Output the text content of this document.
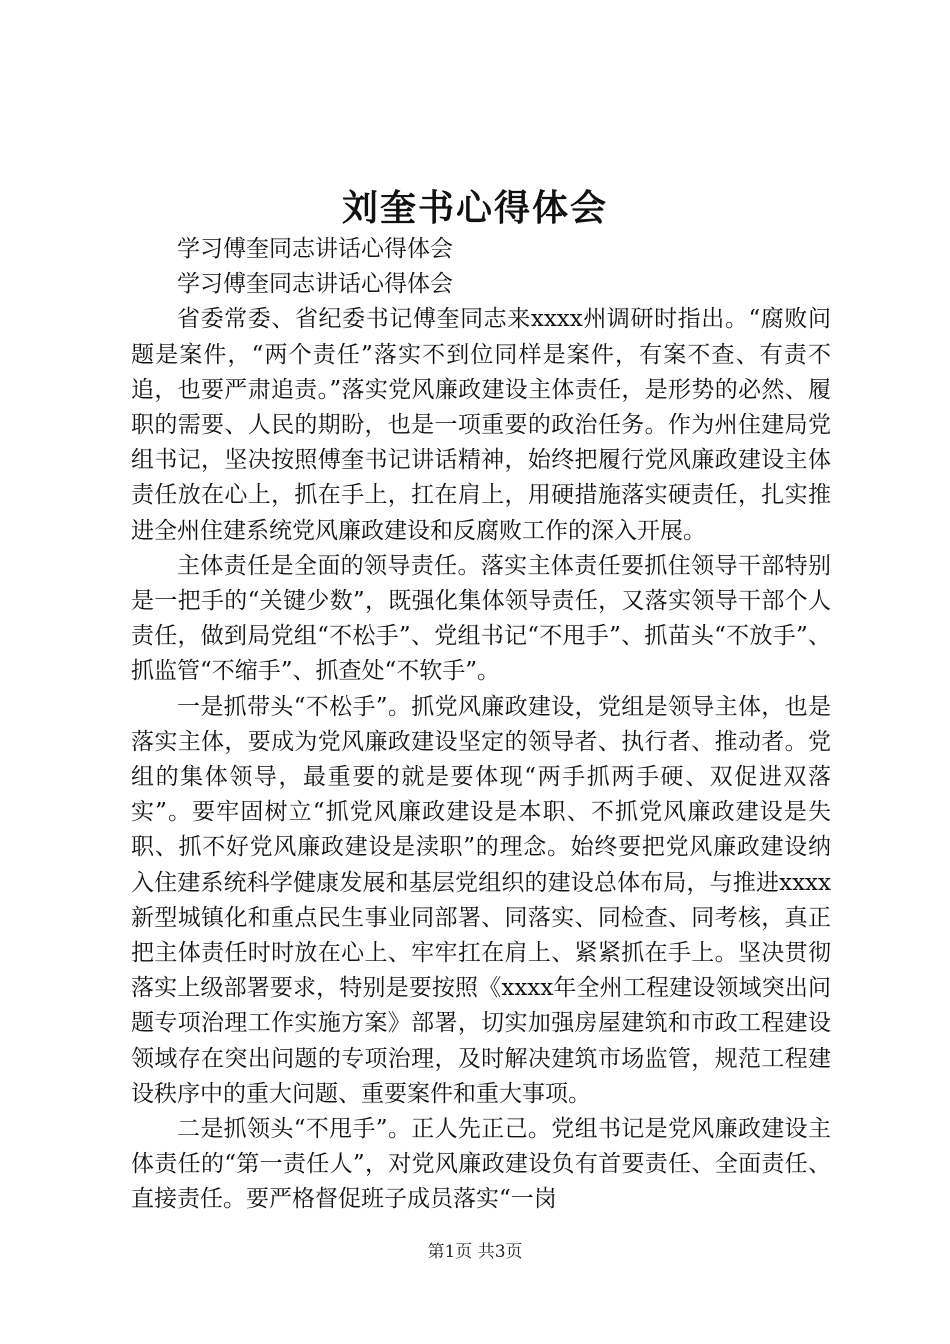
刘奎书心得体会

学习傅奎同志讲话心得体会

学习傅奎同志讲话心得体会

省委常委、省纪委书记傅奎同志来xxxx州调研时指出。“腐败问题是案件，“两个责任”落实不到位同样是案件，有案不查、有责不追，也要严肃追责。”落实党风廉政建设主体责任，是形势的必然、履职的需要、人民的期盼，也是一项重要的政治任务。作为州住建局党组书记，坚决按照傅奎书记讲话精神，始终把履行党风廉政建设主体责任放在心上，抓在手上，扛在肩上，用硬措施落实硬责任，扎实推进全州住建系统党风廉政建设和反腐败工作的深入开展。

主体责任是全面的领导责任。落实主体责任要抓住领导干部特别是一把手的“关键少数”，既强化集体领导责任，又落实领导干部个人责任，做到局党组“不松手”、党组书记“不甩手”、抓苗头“不放手”、抓监管“不缩手”、抓查处“不软手”。

一是抓带头“不松手”。抓党风廉政建设，党组是领导主体，也是落实主体，要成为党风廉政建设坚定的领导者、执行者、推动者。党组的集体领导，最重要的就是要体现“两手抓两手硬、双促进双落实”。要牢固树立“抓党风廉政建设是本职、不抓党风廉政建设是失职、抓不好党风廉政建设是渎职”的理念。始终要把党风廉政建设纳入住建系统科学健康发展和基层党组织的建设总体布局，与推进xxxx新型城镇化和重点民生事业同部署、同落实、同检查、同考核，真正把主体责任时时放在心上、牢牢扛在肩上、紧紧抓在手上。坚决贯彻落实上级部署要求，特别是要按照《xxxx年全州工程建设领域突出问题专项治理工作实施方案》部署，切实加强房屋建筑和市政工程建设领域存在突出问题的专项治理，及时解决建筑市场监管，规范工程建设秩序中的重大问题、重要案件和重大事项。

二是抓领头“不甩手”。正人先正己。党组书记是党风廉政建设主体责任的“第一责任人”，对党风廉政建设负有首要责任、全面责任、直接责任。要严格督促班子成员落实“一岗

第1页 共3页
